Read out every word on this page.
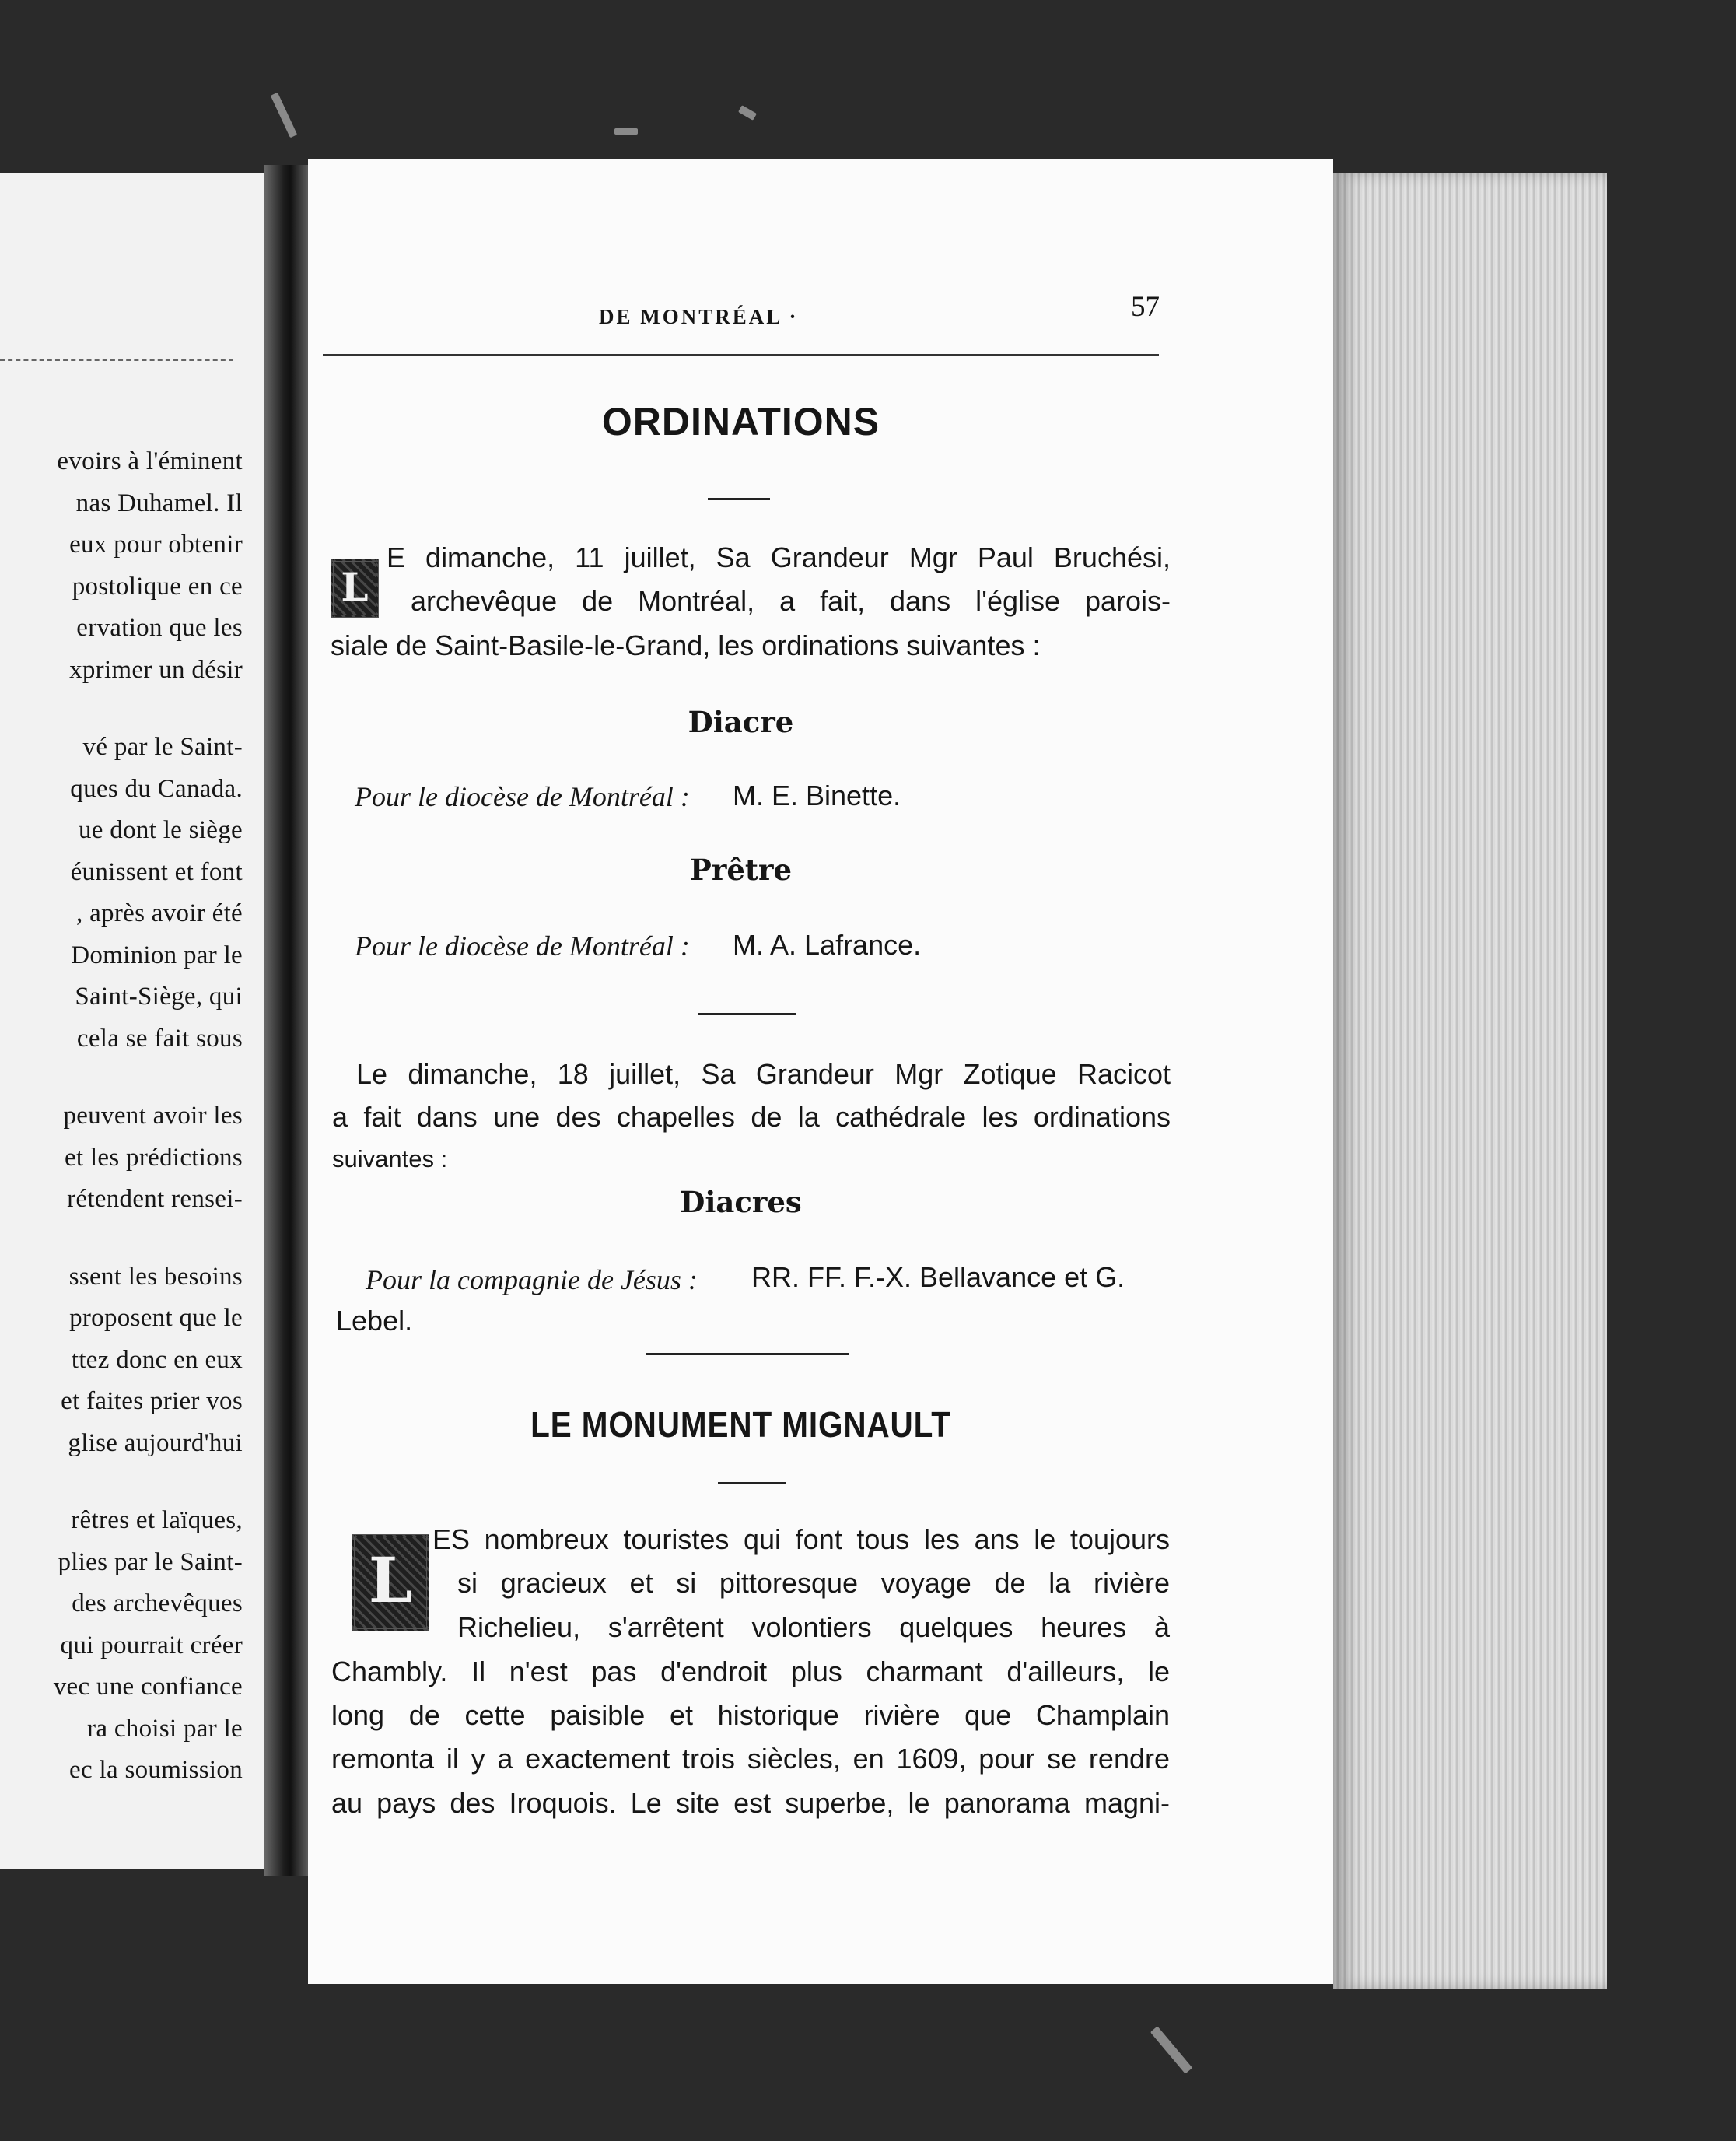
evoirs à l'éminent
nas Duhamel. Il
eux pour obtenir
postolique en ce
ervation que les
xprimer un désir
vé par le Saint-
ques du Canada.
ue dont le siège
éunissent et font
, après avoir été
Dominion par le
Saint-Siège, qui
cela se fait sous
peuvent avoir les
et les prédictions
rétendent rensei-
ssent les besoins
proposent que le
ttez donc en eux
et faites prier vos
glise aujourd'hui
rêtres et laïques,
plies par le Saint-
des archevêques
qui pourrait créer
vec une confiance
ra choisi par le
ec la soumission
DE MONTRÉAL ·	57
ORDINATIONS
L
E dimanche, 11 juillet, Sa Grandeur Mgr Paul Bruchési,
archevêque de Montréal, a fait, dans l'église parois-
siale de Saint-Basile-le-Grand, les ordinations suivantes :
Diacre
Pour le diocèse de Montréal : M. E. Binette.
Prêtre
Pour le diocèse de Montréal : M. A. Lafrance.
Le dimanche, 18 juillet, Sa Grandeur Mgr Zotique Racicot
a fait dans une des chapelles de la cathédrale les ordinations
suivantes :
Diacres
Pour la compagnie de Jésus : RR. FF. F.-X. Bellavance et G.
Lebel.
LE MONUMENT MIGNAULT
L
ES nombreux touristes qui font tous les ans le toujours
si gracieux et si pittoresque voyage de la rivière
Richelieu, s'arrêtent volontiers quelques heures à
Chambly. Il n'est pas d'endroit plus charmant d'ailleurs, le
long de cette paisible et historique rivière que Champlain
remonta il y a exactement trois siècles, en 1609, pour se rendre
au pays des Iroquois. Le site est superbe, le panorama magni-
